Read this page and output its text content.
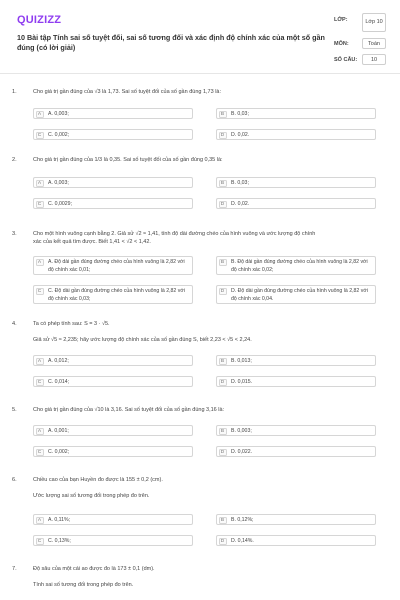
QUIZIZZ
10 Bài tập Tính sai số tuyệt đối, sai số tương đối và xác định độ chính xác của một số gần đúng (có lời giải)
LỚP:	Lớp 10
MÔN:	Toán
SỐ CÂU:	10
1.	Cho giá trị gần đúng của √3 là 1,73. Sai số tuyệt đối của số gần đúng 1,73 là:
A	A. 0,003;	B	B. 0,03;
C	C. 0,002;	D	D. 0,02.
2.	Cho giá trị gần đúng của 1/3 là 0,35. Sai số tuyệt đối của số gần đúng 0,35 là:
A	A. 0,003;	B	B. 0,03;
C	C. 0,0029;	D	D. 0,02.
3.	Cho một hình vuông cạnh bằng 2. Giả sử √2 ≈ 1,41, tính độ dài đường chéo của hình vuông và ước lượng độ chính
xác của kết quả tìm được. Biết 1,41 < √2 < 1,42.
A	A. Độ dài gần đúng đường chéo của hình vuông là 2,82 với độ chính xác 0,01;
B	B. Độ dài gần đúng đường chéo của hình vuông là 2,82 với độ chính xác 0,02;
C	C. Độ dài gần đúng đường chéo của hình vuông là 2,82 với độ chính xác 0,03;
D	D. Độ dài gần đúng đường chéo của hình vuông là 2,82 với độ chính xác 0,04.
4.	Ta có phép tính sau: S = 3 · √5.
Giả sử √5 ≈ 2,235; hãy ước lượng độ chính xác của số gần đúng S, biết 2,23 < √5 < 2,24.
A	A. 0,012;	B	B. 0,013;
C	C. 0,014;	D	D. 0,015.
5.	Cho giá trị gần đúng của √10 là 3,16. Sai số tuyệt đối của số gần đúng 3,16 là:
A	A. 0,001;	B	B. 0,003;
C	C. 0,002;	D	D. 0,022.
6.	Chiều cao của bạn Huyền đo được là 155 ± 0,2 (cm).
Ước lượng sai số tương đối trong phép đo trên.
A	A. 0,11%;	B	B. 0,12%;
C	C. 0,13%;	D	D. 0,14%.
7.	Độ sâu của một cái ao được đo là 173 ± 0,1 (dm).
Tính sai số tương đối trong phép đo trên.
